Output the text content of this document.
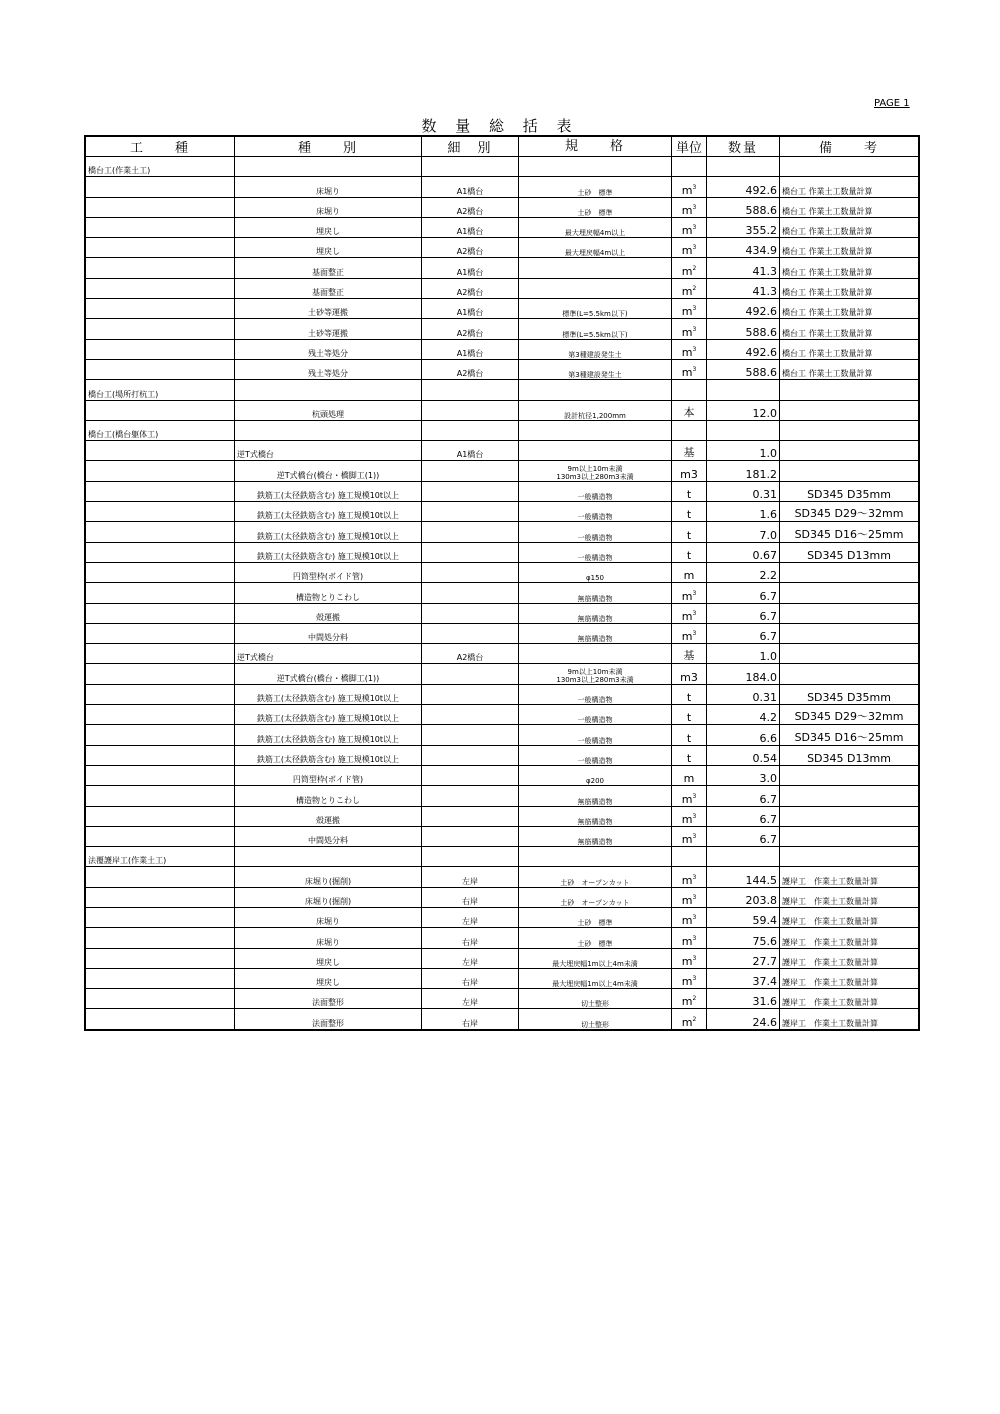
PAGE 1
数 量 総 括 表
工　　種	種　　別	細　別	規　　格	単位	数量	備　　考
橋台工(作業土工)			

	床堀り	A1橋台	土砂　標準	$m^3$	492.6	橋台工 作業土工数量計算
	床堀り	A2橋台	土砂　標準	$m^3$	588.6	橋台工 作業土工数量計算
	埋戻し	A1橋台	最大埋戻幅4m以上	$m^3$	355.2	橋台工 作業土工数量計算
	埋戻し	A2橋台	最大埋戻幅4m以上	$m^3$	434.9	橋台工 作業土工数量計算
	基面整正	A1橋台		$m^2$	41.3	橋台工 作業土工数量計算
	基面整正	A2橋台		$m^2$	41.3	橋台工 作業土工数量計算
	土砂等運搬	A1橋台	標準(L=5.5km以下)	$m^3$	492.6	橋台工 作業土工数量計算
	土砂等運搬	A2橋台	標準(L=5.5km以下)	$m^3$	588.6	橋台工 作業土工数量計算
	残土等処分	A1橋台	第3種建設発生土	$m^3$	492.6	橋台工 作業土工数量計算
	残土等処分	A2橋台	第3種建設発生土	$m^3$	588.6	橋台工 作業土工数量計算
橋台工(場所打杭工)			

	杭頭処理		設計杭径1,200mm	本	12.0	
橋台工(橋台躯体工)			

	逆T式橋台	A1橋台		基	1.0	
	逆T式橋台(橋台・橋脚工(1))		9m以上10m未満
130m3以上280m3未満	m3	181.2	
	鉄筋工(太径鉄筋含む) 施工規模10t以上		一般構造物	t	0.31	SD345 D35mm
	鉄筋工(太径鉄筋含む) 施工規模10t以上		一般構造物	t	1.6	SD345 D29～32mm
	鉄筋工(太径鉄筋含む) 施工規模10t以上		一般構造物	t	7.0	SD345 D16～25mm
	鉄筋工(太径鉄筋含む) 施工規模10t以上		一般構造物	t	0.67	SD345 D13mm
	円筒型枠(ボイド管)		φ150	m	2.2	
	構造物とりこわし		無筋構造物	$m^3$	6.7	
	殻運搬		無筋構造物	$m^3$	6.7	
	中間処分料		無筋構造物	$m^3$	6.7	
	逆T式橋台	A2橋台		基	1.0	
	逆T式橋台(橋台・橋脚工(1))		9m以上10m未満
130m3以上280m3未満	m3	184.0	
	鉄筋工(太径鉄筋含む) 施工規模10t以上		一般構造物	t	0.31	SD345 D35mm
	鉄筋工(太径鉄筋含む) 施工規模10t以上		一般構造物	t	4.2	SD345 D29～32mm
	鉄筋工(太径鉄筋含む) 施工規模10t以上		一般構造物	t	6.6	SD345 D16～25mm
	鉄筋工(太径鉄筋含む) 施工規模10t以上		一般構造物	t	0.54	SD345 D13mm
	円筒型枠(ボイド管)		φ200	m	3.0	
	構造物とりこわし		無筋構造物	$m^3$	6.7	
	殻運搬		無筋構造物	$m^3$	6.7	
	中間処分料		無筋構造物	$m^3$	6.7	
法覆護岸工(作業土工)			

	床堀り(掘削)	左岸	土砂　オープンカット	$m^3$	144.5	護岸工　作業土工数量計算
	床堀り(掘削)	右岸	土砂　オープンカット	$m^3$	203.8	護岸工　作業土工数量計算
	床堀り	左岸	土砂　標準	$m^3$	59.4	護岸工　作業土工数量計算
	床堀り	右岸	土砂　標準	$m^3$	75.6	護岸工　作業土工数量計算
	埋戻し	左岸	最大埋戻幅1m以上4m未満	$m^3$	27.7	護岸工　作業土工数量計算
	埋戻し	右岸	最大埋戻幅1m以上4m未満	$m^3$	37.4	護岸工　作業土工数量計算
	法面整形	左岸	切土整形	$m^2$	31.6	護岸工　作業土工数量計算
	法面整形	右岸	切土整形	$m^2$	24.6	護岸工　作業土工数量計算
